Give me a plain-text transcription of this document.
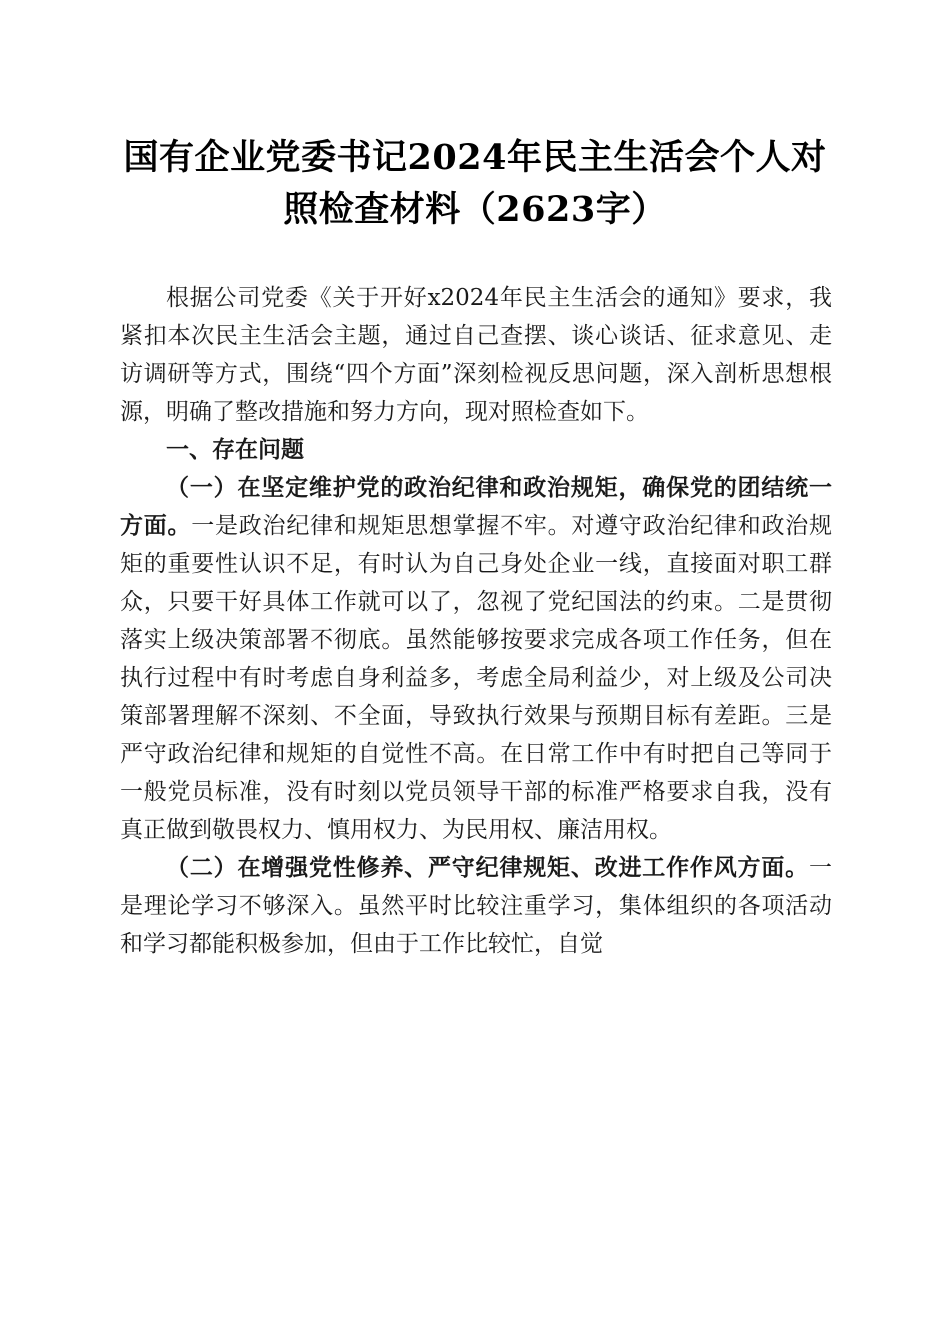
国有企业党委书记2024年民主生活会个人对照检查材料（2623字）

根据公司党委《关于开好x2024年民主生活会的通知》要求，我紧扣本次民主生活会主题，通过自己查摆、谈心谈话、征求意见、走访调研等方式，围绕“四个方面”深刻检视反思问题，深入剖析思想根源，明确了整改措施和努力方向，现对照检查如下。

一、存在问题

（一）在坚定维护党的政治纪律和政治规矩，确保党的团结统一方面。一是政治纪律和规矩思想掌握不牢。对遵守政治纪律和政治规矩的重要性认识不足，有时认为自己身处企业一线，直接面对职工群众，只要干好具体工作就可以了，忽视了党纪国法的约束。二是贯彻落实上级决策部署不彻底。虽然能够按要求完成各项工作任务，但在执行过程中有时考虑自身利益多，考虑全局利益少，对上级及公司决策部署理解不深刻、不全面，导致执行效果与预期目标有差距。三是严守政治纪律和规矩的自觉性不高。在日常工作中有时把自己等同于一般党员标准，没有时刻以党员领导干部的标准严格要求自我，没有真正做到敬畏权力、慎用权力、为民用权、廉洁用权。

（二）在增强党性修养、严守纪律规矩、改进工作作风方面。一是理论学习不够深入。虽然平时比较注重学习，集体组织的各项活动和学习都能积极参加，但由于工作比较忙，自觉
